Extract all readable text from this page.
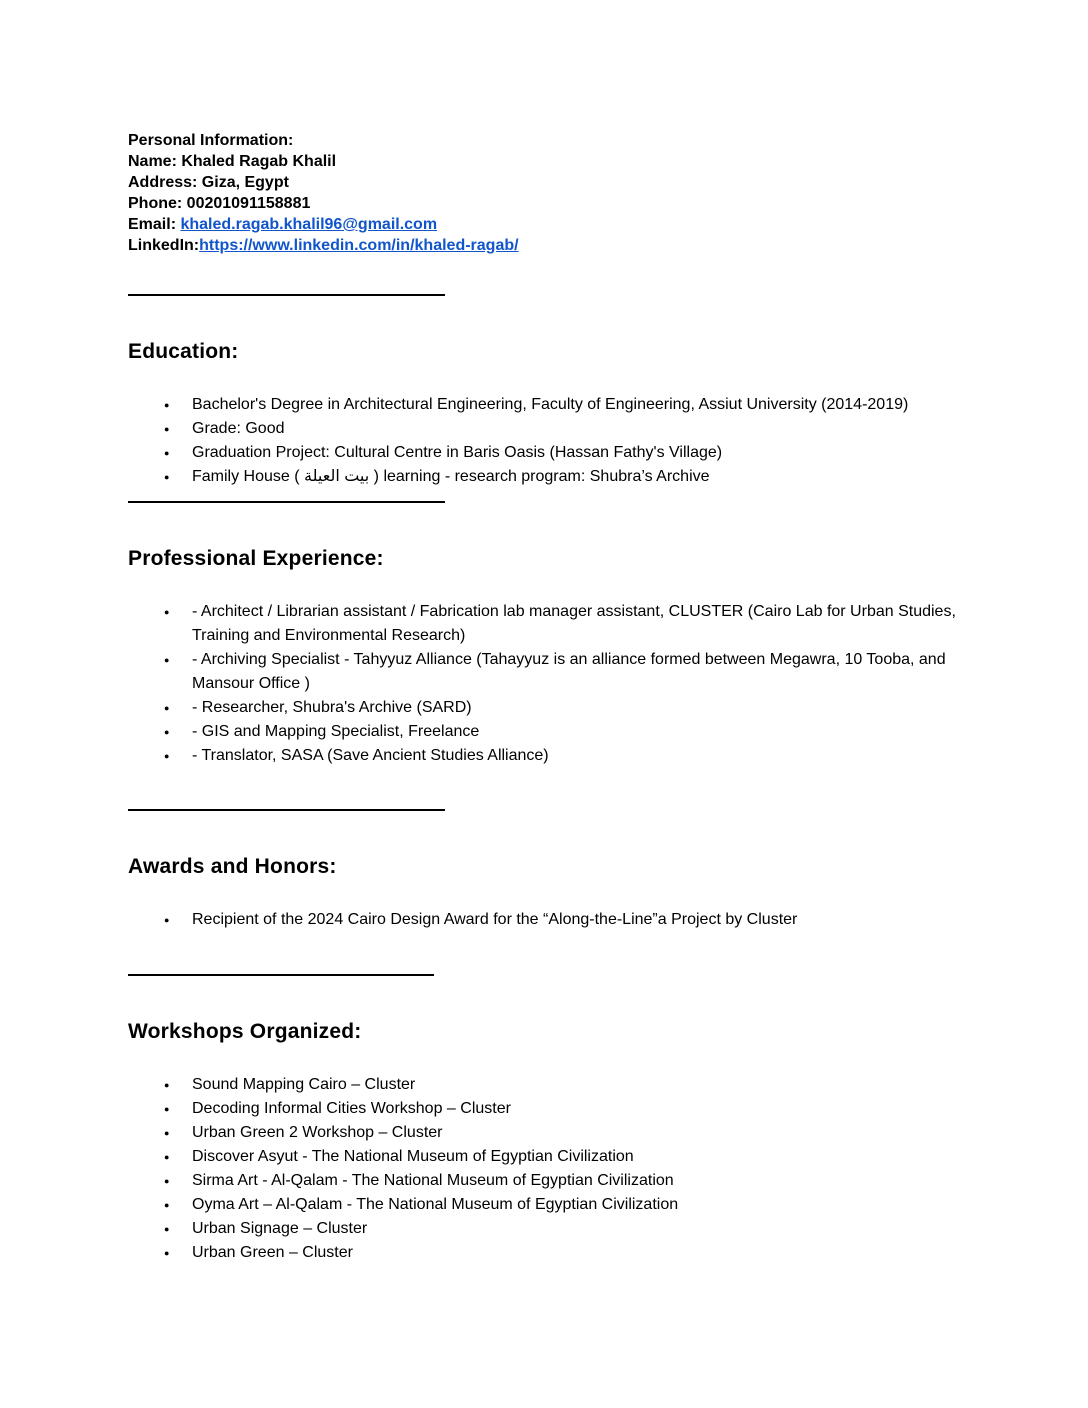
Personal Information:
Name: Khaled Ragab Khalil
Address: Giza, Egypt
Phone: 00201091158881
Email: khaled.ragab.khalil96@gmail.com
LinkedIn:https://www.linkedin.com/in/khaled-ragab/
Education:
● Bachelor's Degree in Architectural Engineering, Faculty of Engineering, Assiut University (2014-2019)
● Grade: Good
● Graduation Project: Cultural Centre in Baris Oasis (Hassan Fathy's Village)
● Family House ( بيت العيلة ) learning - research program: Shubra’s Archive
Professional Experience:
● - Architect / Librarian assistant / Fabrication lab manager assistant, CLUSTER (Cairo Lab for Urban Studies, Training and Environmental Research)
● - Archiving Specialist - Tahyyuz Alliance (Tahayyuz is an alliance formed between Megawra, 10 Tooba, and Mansour Office )
● - Researcher, Shubra's Archive (SARD)
● - GIS and Mapping Specialist, Freelance
● - Translator, SASA (Save Ancient Studies Alliance)
Awards and Honors:
● Recipient of the 2024 Cairo Design Award for the “Along-the-Line”a Project by Cluster
Workshops Organized:
● Sound Mapping Cairo – Cluster
● Decoding Informal Cities Workshop – Cluster
● Urban Green 2 Workshop – Cluster
● Discover Asyut - The National Museum of Egyptian Civilization
● Sirma Art - Al-Qalam - The National Museum of Egyptian Civilization
● Oyma Art – Al-Qalam - The National Museum of Egyptian Civilization
● Urban Signage – Cluster
● Urban Green – Cluster
